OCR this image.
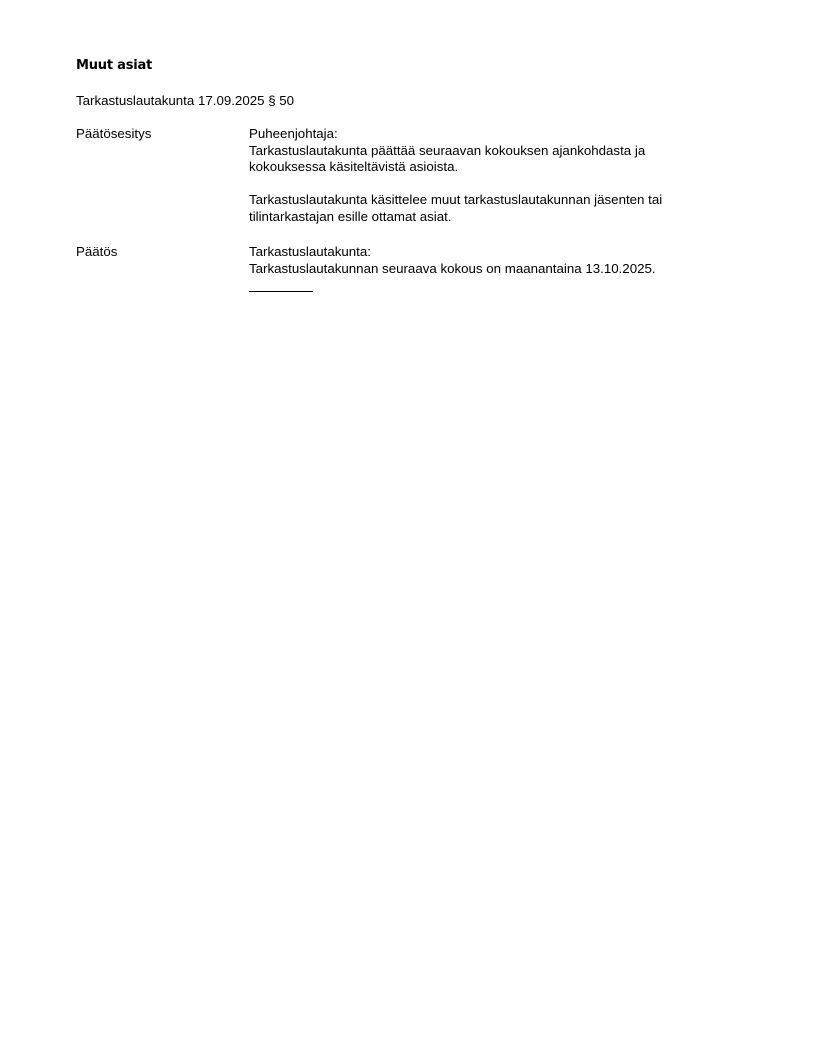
Muut asiat
Tarkastuslautakunta 17.09.2025 § 50
Päätösesitys	Puheenjohtaja:

Tarkastuslautakunta päättää seuraavan kokouksen ajankohdasta ja

kokouksessa käsiteltävistä asioista.

Tarkastuslautakunta käsittelee muut tarkastuslautakunnan jäsenten tai

tilintarkastajan esille ottamat asiat.

Päätös	Tarkastuslautakunta:

Tarkastuslautakunnan seuraava kokous on maanantaina 13.10.2025.
